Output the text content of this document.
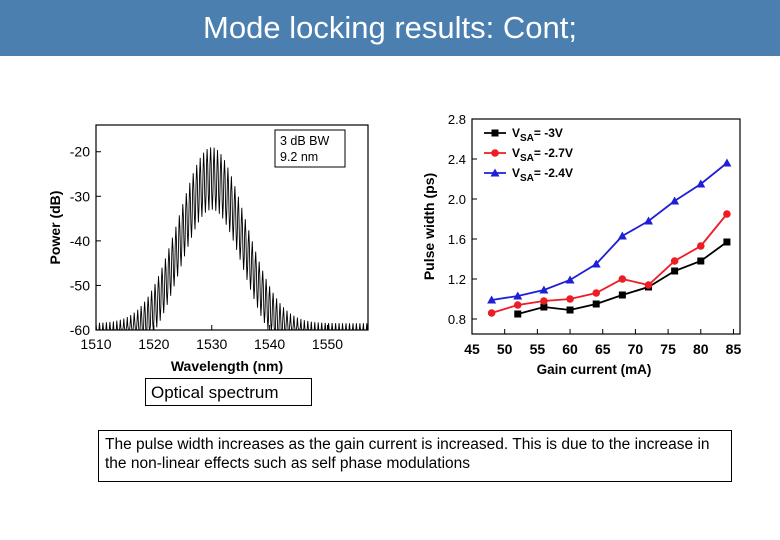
Mode locking results: Cont;
1510 1520 1530 1540 1550
-20
-30
-40
-50
-60
Wavelength (nm)
Power (dB)
3 dB BW
9.2 nm
45 50 55 60 65 70 75 80 85
0.8
1.2
1.6
2.0
2.4
2.8
Gain current (mA)
Pulse width (ps)
$V_{SA}= -3V$
$V_{SA}= -2.7V$
$V_{SA}= -2.4V$
Optical spectrum
The pulse width increases as the gain current is increased. This is due to the increase in the non-linear effects such as self phase modulations
